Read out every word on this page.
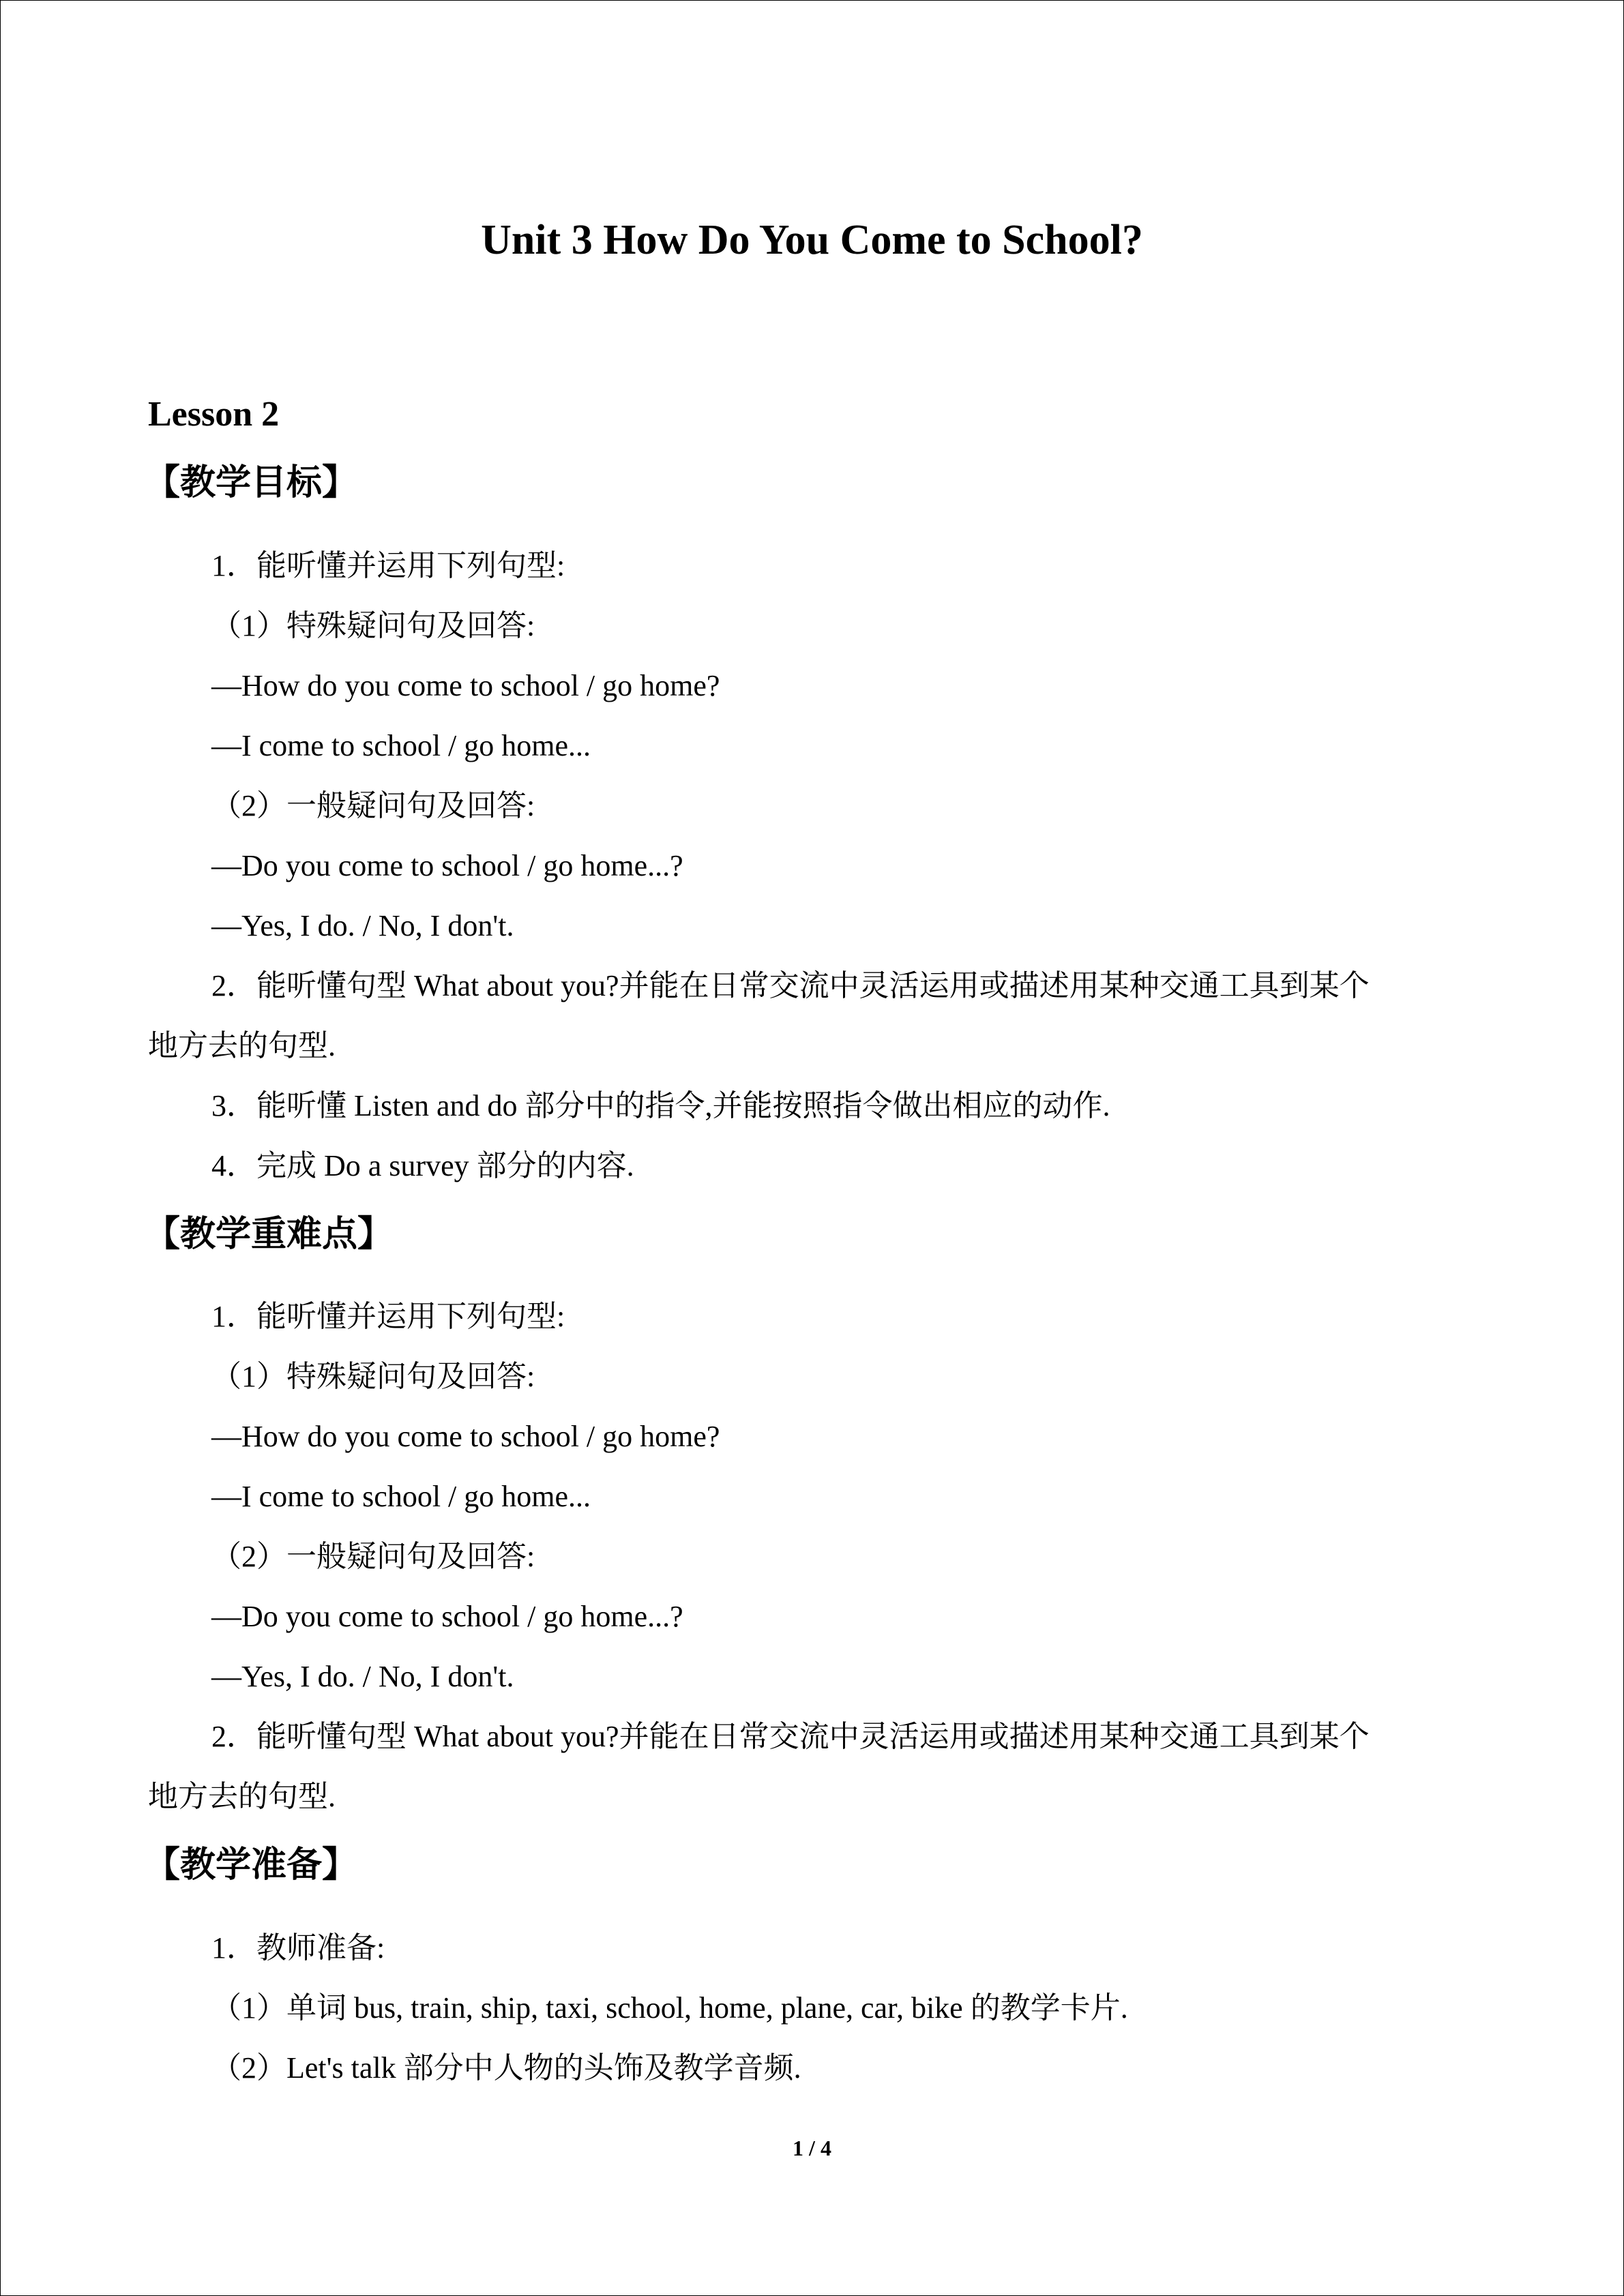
Unit 3 How Do You Come to School?
Lesson 2
【教学目标】
1．能听懂并运用下列句型:
（1）特殊疑问句及回答:
—How do you come to school / go home?
—I come to school / go home...
（2）一般疑问句及回答:
—Do you come to school / go home...?
—Yes, I do. / No, I don't.
2．能听懂句型 What about you?并能在日常交流中灵活运用或描述用某种交通工具到某个
地方去的句型.
3．能听懂 Listen and do 部分中的指令,并能按照指令做出相应的动作.
4．完成 Do a survey 部分的内容.
【教学重难点】
1．能听懂并运用下列句型:
（1）特殊疑问句及回答:
—How do you come to school / go home?
—I come to school / go home...
（2）一般疑问句及回答:
—Do you come to school / go home...?
—Yes, I do. / No, I don't.
2．能听懂句型 What about you?并能在日常交流中灵活运用或描述用某种交通工具到某个
地方去的句型.
【教学准备】
1．教师准备:
（1）单词 bus, train, ship, taxi, school, home, plane, car, bike 的教学卡片.
（2）Let's talk 部分中人物的头饰及教学音频.
1 / 4
